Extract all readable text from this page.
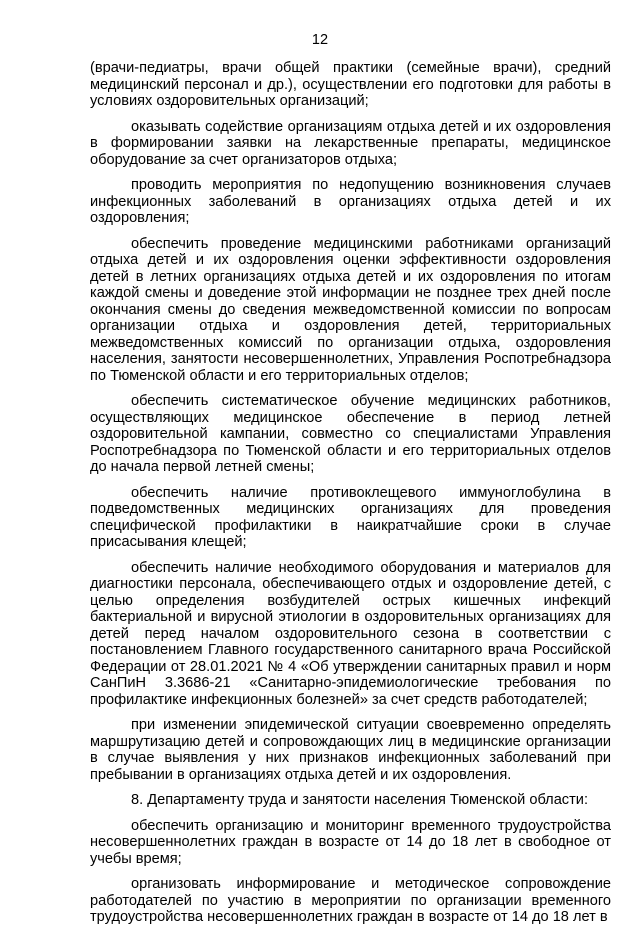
12

(врачи-педиатры, врачи общей практики (семейные врачи), средний медицинский персонал и др.), осуществлении его подготовки для работы в условиях оздоровительных организаций;

оказывать содействие организациям отдыха детей и их оздоровления в формировании заявки на лекарственные препараты, медицинское оборудование за счет организаторов отдыха;

проводить мероприятия по недопущению возникновения случаев инфекционных заболеваний в организациях отдыха детей и их оздоровления;

обеспечить проведение медицинскими работниками организаций отдыха детей и их оздоровления оценки эффективности оздоровления детей в летних организациях отдыха детей и их оздоровления по итогам каждой смены и доведение этой информации не позднее трех дней после окончания смены до сведения межведомственной комиссии по вопросам организации отдыха и оздоровления детей, территориальных межведомственных комиссий по организации отдыха, оздоровления населения, занятости несовершеннолетних, Управления Роспотребнадзора по Тюменской области и его территориальных отделов;

обеспечить систематическое обучение медицинских работников, осуществляющих медицинское обеспечение в период летней оздоровительной кампании, совместно со специалистами Управления Роспотребнадзора по Тюменской области и его территориальных отделов до начала первой летней смены;

обеспечить наличие противоклещевого иммуноглобулина в подведомственных медицинских организациях для проведения специфической профилактики в наикратчайшие сроки в случае присасывания клещей;

обеспечить наличие необходимого оборудования и материалов для диагностики персонала, обеспечивающего отдых и оздоровление детей, с целью определения возбудителей острых кишечных инфекций бактериальной и вирусной этиологии в оздоровительных организациях для детей перед началом оздоровительного сезона в соответствии с постановлением Главного государственного санитарного врача Российской Федерации от 28.01.2021 № 4 «Об утверждении санитарных правил и норм СанПиН 3.3686-21 «Санитарно-эпидемиологические требования по профилактике инфекционных болезней» за счет средств работодателей;

при изменении эпидемической ситуации своевременно определять маршрутизацию детей и сопровождающих лиц в медицинские организации в случае выявления у них признаков инфекционных заболеваний при пребывании в организациях отдыха детей и их оздоровления.

8. Департаменту труда и занятости населения Тюменской области:

обеспечить организацию и мониторинг временного трудоустройства несовершеннолетних граждан в возрасте от 14 до 18 лет в свободное от учебы время;

организовать информирование и методическое сопровождение работодателей по участию в мероприятии по организации временного трудоустройства несовершеннолетних граждан в возрасте от 14 до 18 лет в
